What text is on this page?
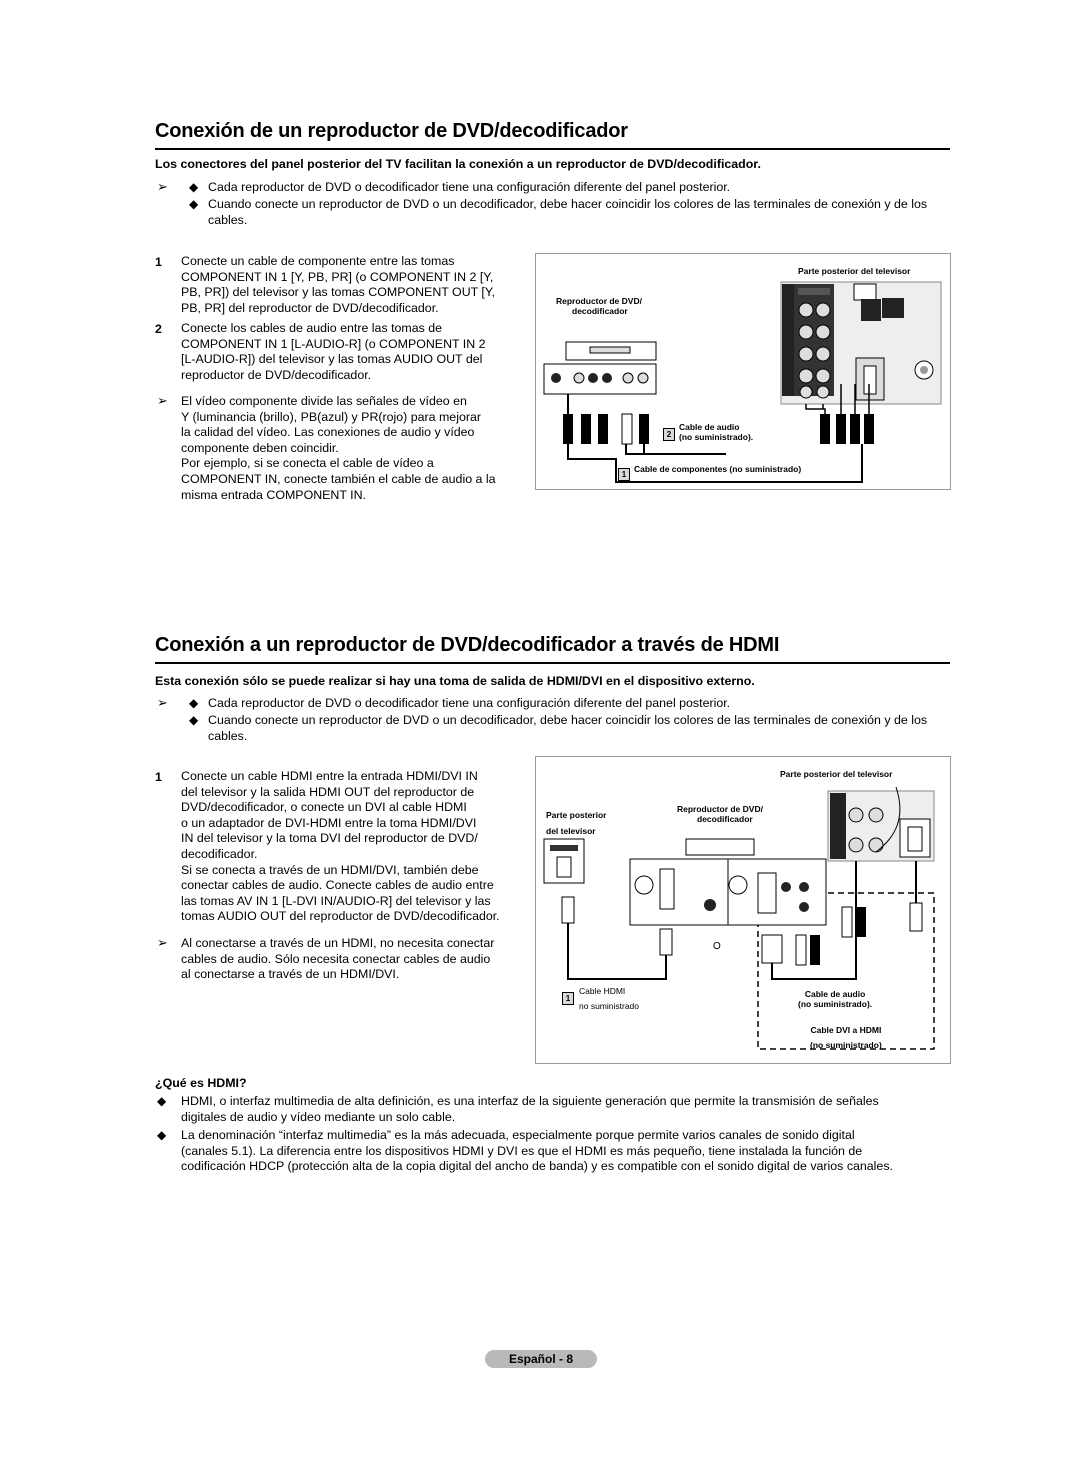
Conexión de un reproductor de DVD/decodificador
Los conectores del panel posterior del TV facilitan la conexión a un reproductor de DVD/decodificador.
➢ ◆ Cada reproductor de DVD o decodificador tiene una configuración diferente del panel posterior.
◆ Cuando conecte un reproductor de DVD o un decodificador, debe hacer coincidir los colores de las terminales de conexión y de los cables.
1 Conecte un cable de componente entre las tomas
COMPONENT IN 1 [Y, PB, PR] (o COMPONENT IN 2 [Y,
PB, PR]) del televisor y las tomas COMPONENT OUT [Y,
PB, PR] del reproductor de DVD/decodificador.
2 Conecte los cables de audio entre las tomas de
COMPONENT IN 1 [L-AUDIO-R] (o COMPONENT IN 2
[L-AUDIO-R]) del televisor y las tomas AUDIO OUT del
reproductor de DVD/decodificador.
➢ El vídeo componente divide las señales de vídeo en
Y (luminancia (brillo), PB(azul) y PR(rojo) para mejorar
la calidad del vídeo. Las conexiones de audio y vídeo
componente deben coincidir.
Por ejemplo, si se conecta el cable de vídeo a
COMPONENT IN, conecte también el cable de audio a la
misma entrada COMPONENT IN.
Parte posterior del televisor
Reproductor de DVD/
decodificador
2
Cable de audio
(no suministrado).
1
Cable de componentes (no suministrado)
Conexión a un reproductor de DVD/decodificador a través de HDMI
Esta conexión sólo se puede realizar si hay una toma de salida de HDMI/DVI en el dispositivo externo.
➢ ◆ Cada reproductor de DVD o decodificador tiene una configuración diferente del panel posterior.
◆ Cuando conecte un reproductor de DVD o un decodificador, debe hacer coincidir los colores de las terminales de conexión y de los cables.
1 Conecte un cable HDMI entre la entrada HDMI/DVI IN
del televisor y la salida HDMI OUT del reproductor de
DVD/decodificador, o conecte un DVI al cable HDMI
o un adaptador de DVI-HDMI entre la toma HDMI/DVI
IN del televisor y la toma DVI del reproductor de DVD/
decodificador.
Si se conecta a través de un HDMI/DVI, también debe
conectar cables de audio. Conecte cables de audio entre
las tomas AV IN 1 [L-DVI IN/AUDIO-R] del televisor y las
tomas AUDIO OUT del reproductor de DVD/decodificador.
➢ Al conectarse a través de un HDMI, no necesita conectar
cables de audio. Sólo necesita conectar cables de audio
al conectarse a través de un HDMI/DVI.
Parte posterior del televisor
Parte posterior
del televisor
Reproductor de DVD/
decodificador
O
1
Cable HDMI
no suministrado
Cable de audio
(no suministrado).
Cable DVI a HDMI
(no suministrado)
¿Qué es HDMI?
◆ HDMI, o interfaz multimedia de alta definición, es una interfaz de la siguiente generación que permite la transmisión de señales
digitales de audio y vídeo mediante un solo cable.
◆ La denominación “interfaz multimedia” es la más adecuada, especialmente porque permite varios canales de sonido digital
(canales 5.1). La diferencia entre los dispositivos HDMI y DVI es que el HDMI es más pequeño, tiene instalada la función de
codificación HDCP (protección alta de la copia digital del ancho de banda) y es compatible con el sonido digital de varios canales.
Español - 8
